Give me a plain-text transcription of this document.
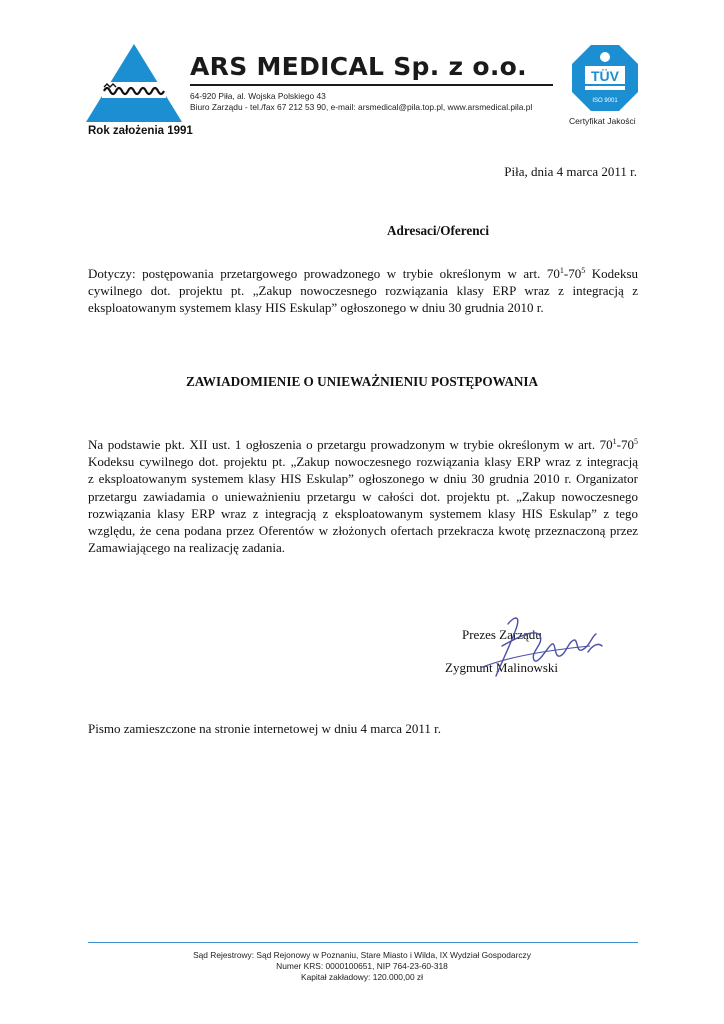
Rok założenia 1991
ARS MEDICAL Sp. z o.o.
64-920 Piła, al. Wojska Polskiego 43
Biuro Zarządu - tel./fax 67 212 53 90, e-mail: arsmedical@pila.top.pl, www.arsmedical.pila.pl
TÜV
ISO 9001
Certyfikat Jakości
Piła, dnia 4 marca 2011 r.
Adresaci/Oferenci
Dotyczy: postępowania przetargowego prowadzonego w trybie określonym w art. $70^1-70^5$ Kodeksu
cywilnego dot. projektu pt. „Zakup nowoczesnego rozwiązania klasy ERP wraz z integracją z
eksploatowanym systemem klasy HIS Eskulap” ogłoszonego w dniu 30 grudnia 2010 r.
ZAWIADOMIENIE O UNIEWAŻNIENIU POSTĘPOWANIA
Na podstawie pkt. XII ust. 1 ogłoszenia o przetargu prowadzonym w trybie określonym w art. $70^1-70^5$
Kodeksu cywilnego dot. projektu pt. „Zakup nowoczesnego rozwiązania klasy ERP wraz z integracją
z eksploatowanym systemem klasy HIS Eskulap” ogłoszonego w dniu 30 grudnia 2010 r. Organizator
przetargu zawiadamia o unieważnieniu przetargu w całości dot. projektu pt. „Zakup nowoczesnego
rozwiązania klasy ERP wraz z integracją z eksploatowanym systemem klasy HIS Eskulap” z tego
względu, że cena podana przez Oferentów w złożonych ofertach przekracza kwotę przeznaczoną przez
Zamawiającego na realizację zadania.
Prezes Zarządu
Zygmunt Malinowski
Pismo zamieszczone na stronie internetowej w dniu 4 marca 2011 r.
Sąd Rejestrowy: Sąd Rejonowy w Poznaniu, Stare Miasto i Wilda, IX Wydział Gospodarczy
Numer KRS: 0000100651, NIP 764-23-60-318
Kapitał zakładowy: 120.000,00 zł
